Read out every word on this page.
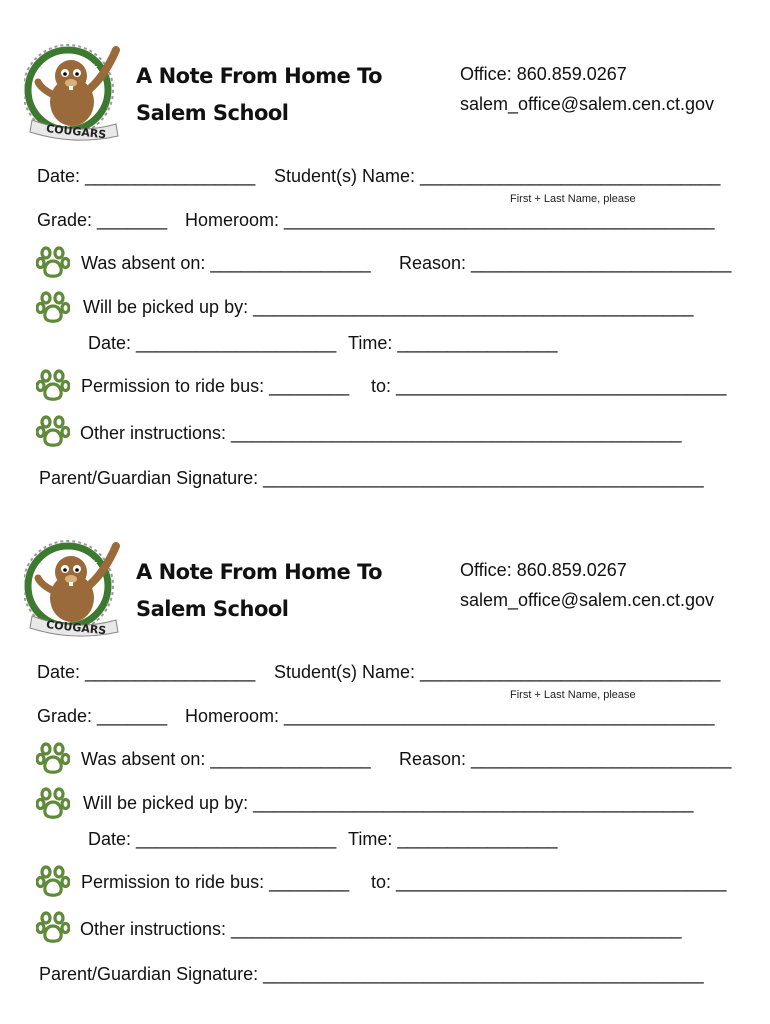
★	★
COUGARS
A Note From Home To
Salem School
Office: 860.859.0267
salem_office@salem.cen.ct.gov
Date: _________________ Student(s) Name: ______________________________
First + Last Name, please
Grade: _______ Homeroom: ___________________________________________
Was absent on: ________________ Reason: __________________________
Will be picked up by: ____________________________________________
Date: ____________________ Time: ________________
Permission to ride bus: ________ to: _________________________________
Other instructions: _____________________________________________
Parent/Guardian Signature: ____________________________________________
★	★
COUGARS
A Note From Home To
Salem School
Office: 860.859.0267
salem_office@salem.cen.ct.gov
Date: _________________ Student(s) Name: ______________________________
First + Last Name, please
Grade: _______ Homeroom: ___________________________________________
Was absent on: ________________ Reason: __________________________
Will be picked up by: ____________________________________________
Date: ____________________ Time: ________________
Permission to ride bus: ________ to: _________________________________
Other instructions: _____________________________________________
Parent/Guardian Signature: ____________________________________________
